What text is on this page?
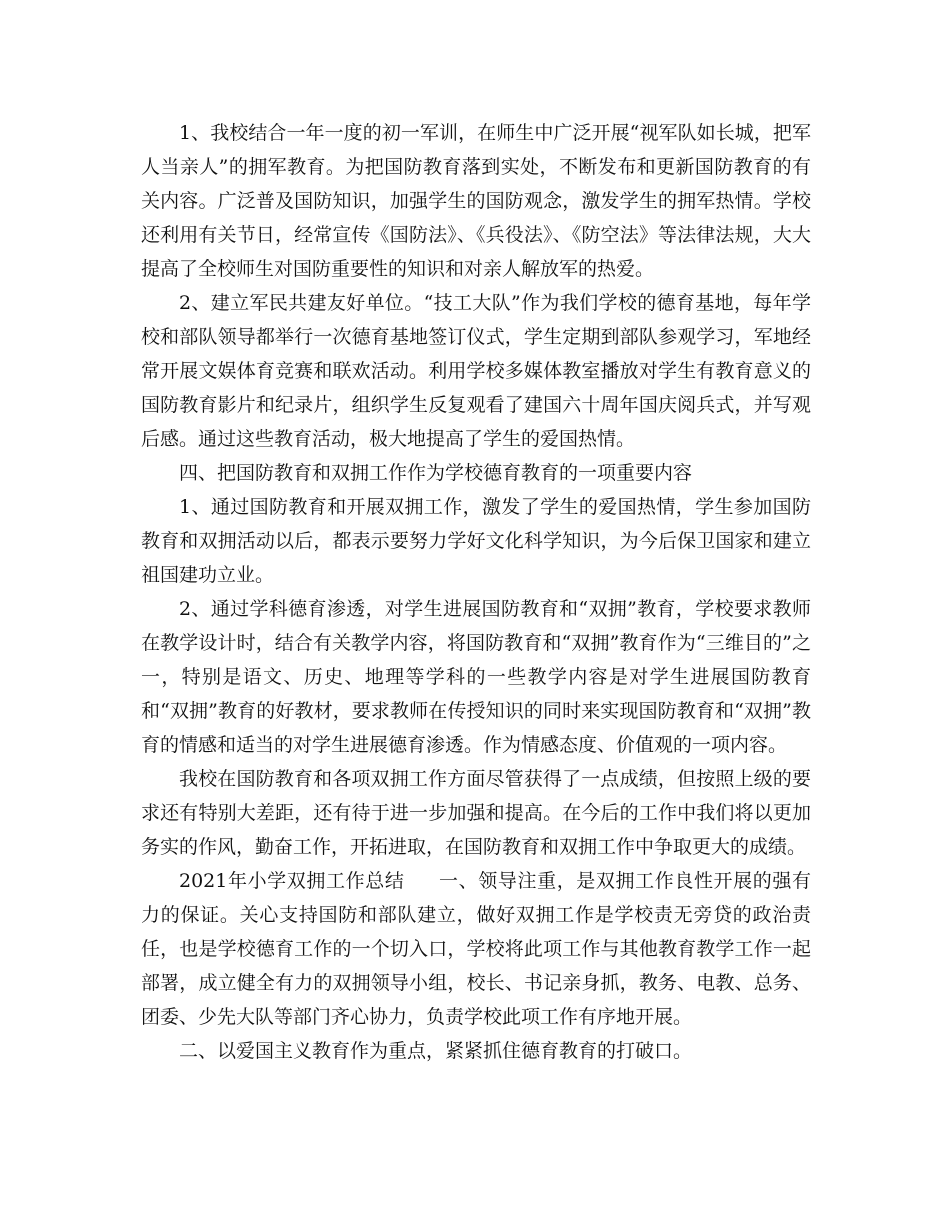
1、我校结合一年一度的初一军训，在师生中广泛开展“视军队如长城，把军人当亲人”的拥军教育。为把国防教育落到实处，不断发布和更新国防教育的有关内容。广泛普及国防知识，加强学生的国防观念，激发学生的拥军热情。学校还利用有关节日，经常宣传《国防法》、《兵役法》、《防空法》等法律法规，大大提高了全校师生对国防重要性的知识和对亲人解放军的热爱。

2、建立军民共建友好单位。“技工大队”作为我们学校的德育基地，每年学校和部队领导都举行一次德育基地签订仪式，学生定期到部队参观学习，军地经常开展文娱体育竞赛和联欢活动。利用学校多媒体教室播放对学生有教育意义的国防教育影片和纪录片，组织学生反复观看了建国六十周年国庆阅兵式，并写观后感。通过这些教育活动，极大地提高了学生的爱国热情。

四、把国防教育和双拥工作作为学校德育教育的一项重要内容

1、通过国防教育和开展双拥工作，激发了学生的爱国热情，学生参加国防教育和双拥活动以后，都表示要努力学好文化科学知识，为今后保卫国家和建立祖国建功立业。

2、通过学科德育渗透，对学生进展国防教育和“双拥”教育，学校要求教师在教学设计时，结合有关教学内容，将国防教育和“双拥”教育作为“三维目的”之一，特别是语文、历史、地理等学科的一些教学内容是对学生进展国防教育和“双拥”教育的好教材，要求教师在传授知识的同时来实现国防教育和“双拥”教育的情感和适当的对学生进展德育渗透。作为情感态度、价值观的一项内容。

我校在国防教育和各项双拥工作方面尽管获得了一点成绩，但按照上级的要求还有特别大差距，还有待于进一步加强和提高。在今后的工作中我们将以更加务实的作风，勤奋工作，开拓进取，在国防教育和双拥工作中争取更大的成绩。

2021年小学双拥工作总结 一、领导注重，是双拥工作良性开展的强有力的保证。关心支持国防和部队建立，做好双拥工作是学校责无旁贷的政治责任，也是学校德育工作的一个切入口，学校将此项工作与其他教育教学工作一起部署，成立健全有力的双拥领导小组，校长、书记亲身抓，教务、电教、总务、团委、少先大队等部门齐心协力，负责学校此项工作有序地开展。

二、以爱国主义教育作为重点，紧紧抓住德育教育的打破口。
